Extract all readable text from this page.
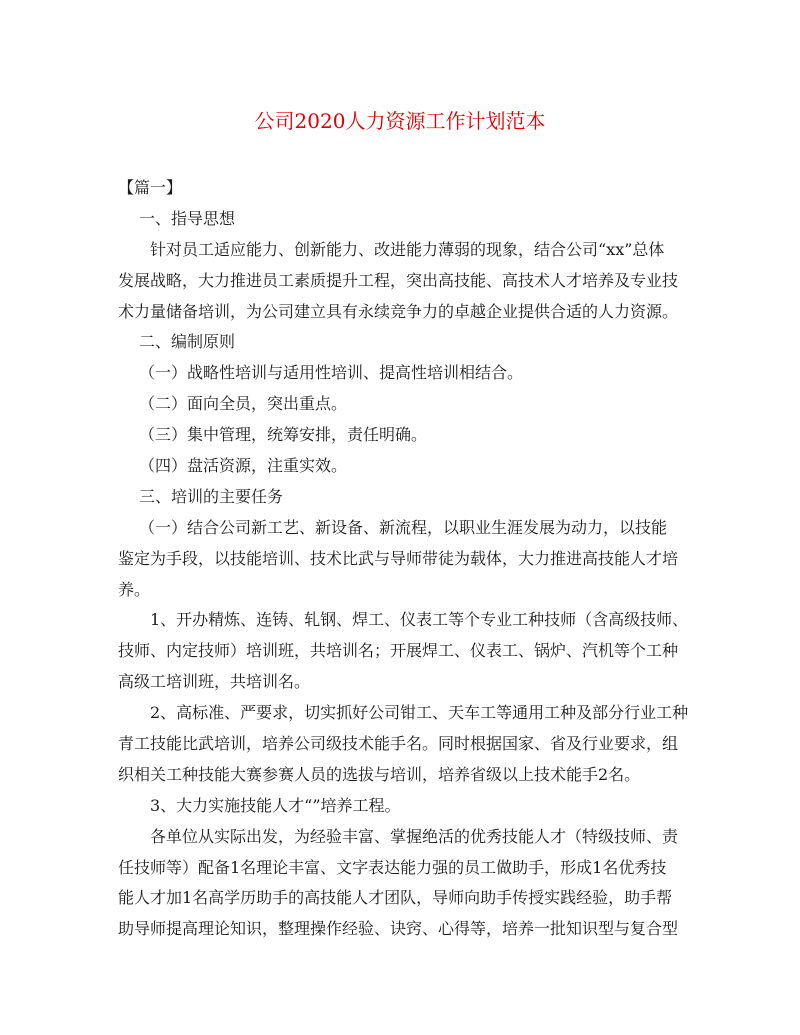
公司2020人力资源工作计划范本
【篇一】
一、指导思想
针对员工适应能力、创新能力、改进能力薄弱的现象，结合公司“xx”总体
发展战略，大力推进员工素质提升工程，突出高技能、高技术人才培养及专业技
术力量储备培训，为公司建立具有永续竞争力的卓越企业提供合适的人力资源。
二、编制原则
（一）战略性培训与适用性培训、提高性培训相结合。
（二）面向全员，突出重点。
（三）集中管理，统筹安排，责任明确。
（四）盘活资源，注重实效。
三、培训的主要任务
（一）结合公司新工艺、新设备、新流程，以职业生涯发展为动力，以技能
鉴定为手段，以技能培训、技术比武与导师带徒为载体，大力推进高技能人才培
养。
1、开办精炼、连铸、轧钢、焊工、仪表工等个专业工种技师（含高级技师、
技师、内定技师）培训班，共培训名；开展焊工、仪表工、锅炉、汽机等个工种
高级工培训班，共培训名。
2、高标准、严要求，切实抓好公司钳工、天车工等通用工种及部分行业工种
青工技能比武培训，培养公司级技术能手名。同时根据国家、省及行业要求，组
织相关工种技能大赛参赛人员的选拔与培训，培养省级以上技术能手2名。
3、大力实施技能人才“”培养工程。
各单位从实际出发，为经验丰富、掌握绝活的优秀技能人才（特级技师、责
任技师等）配备1名理论丰富、文字表达能力强的员工做助手，形成1名优秀技
能人才加1名高学历助手的高技能人才团队，导师向助手传授实践经验，助手帮
助导师提高理论知识，整理操作经验、诀窍、心得等，培养一批知识型与复合型
